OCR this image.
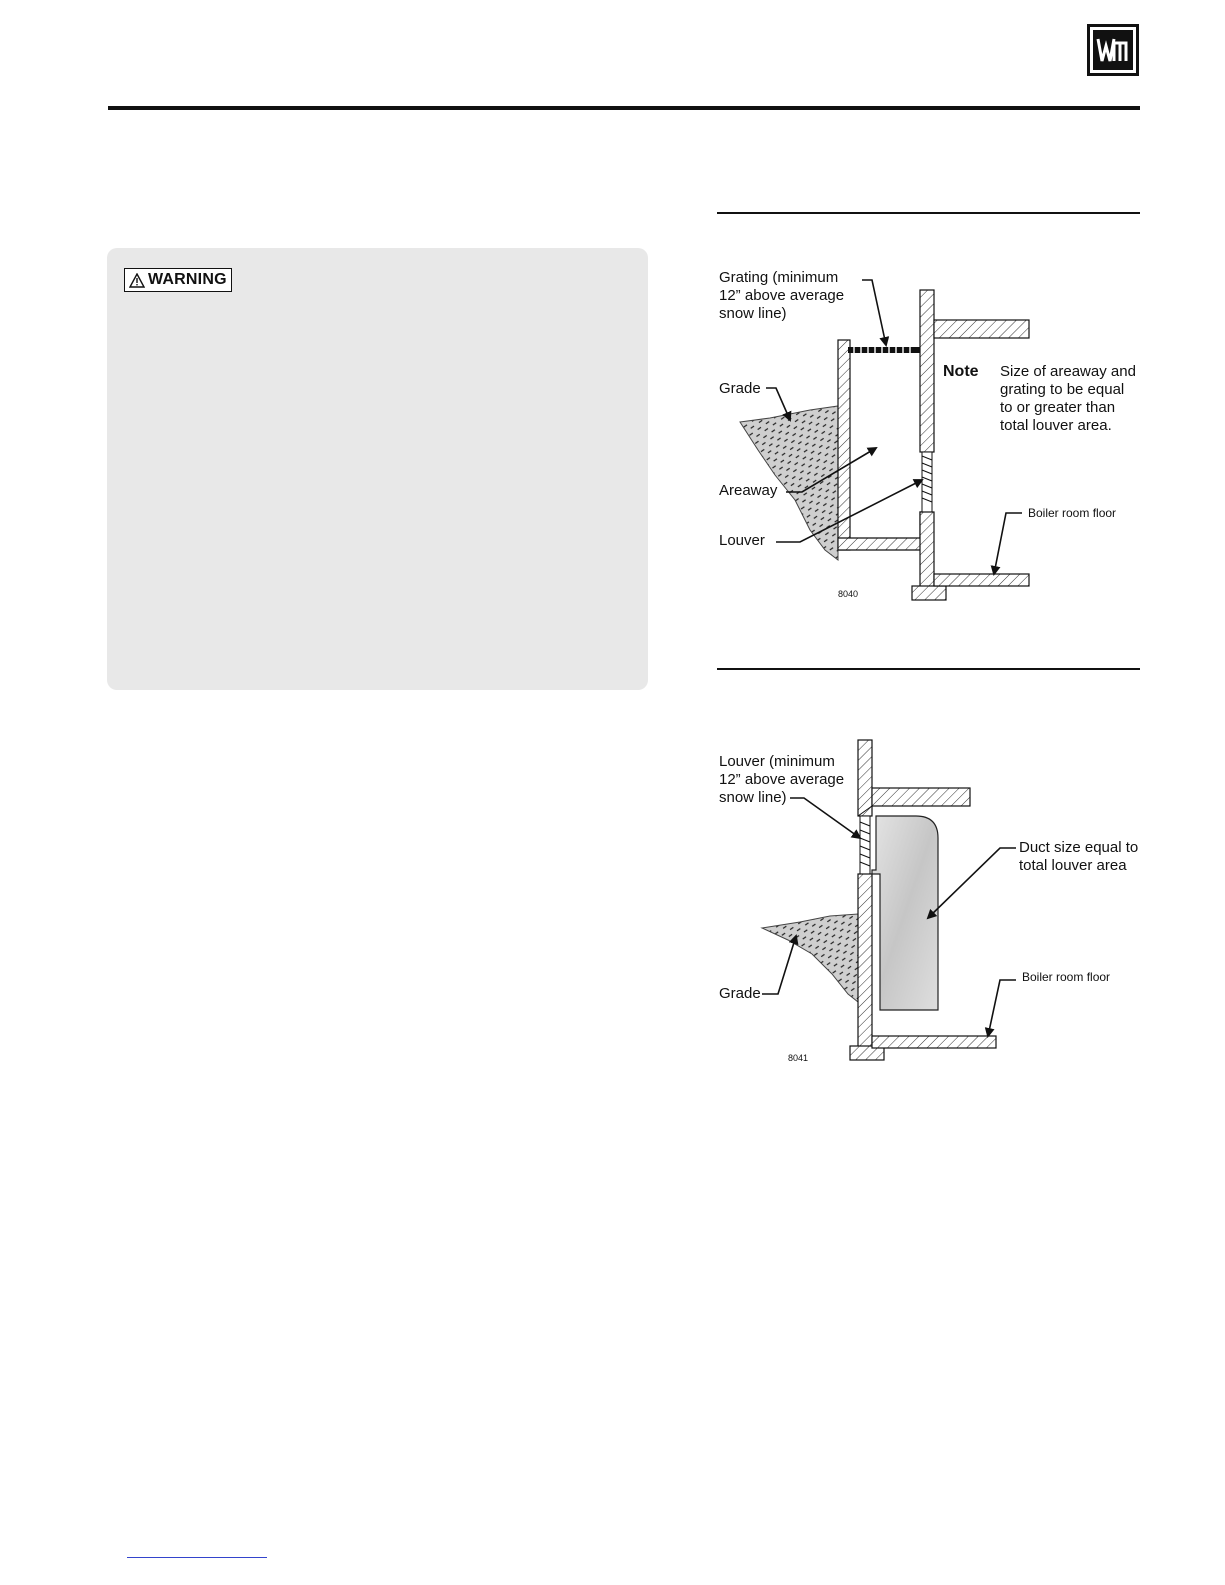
WARNING	Grating (minimum
12” above average
snow line)
Grade
Areaway
Louver
Note Size of areaway and
grating to be equal
to or greater than
total louver area.
Boiler room floor
8040
Louver (minimum
12” above average
snow line)
Duct size equal to
total louver area
Grade
Boiler room floor
8041
